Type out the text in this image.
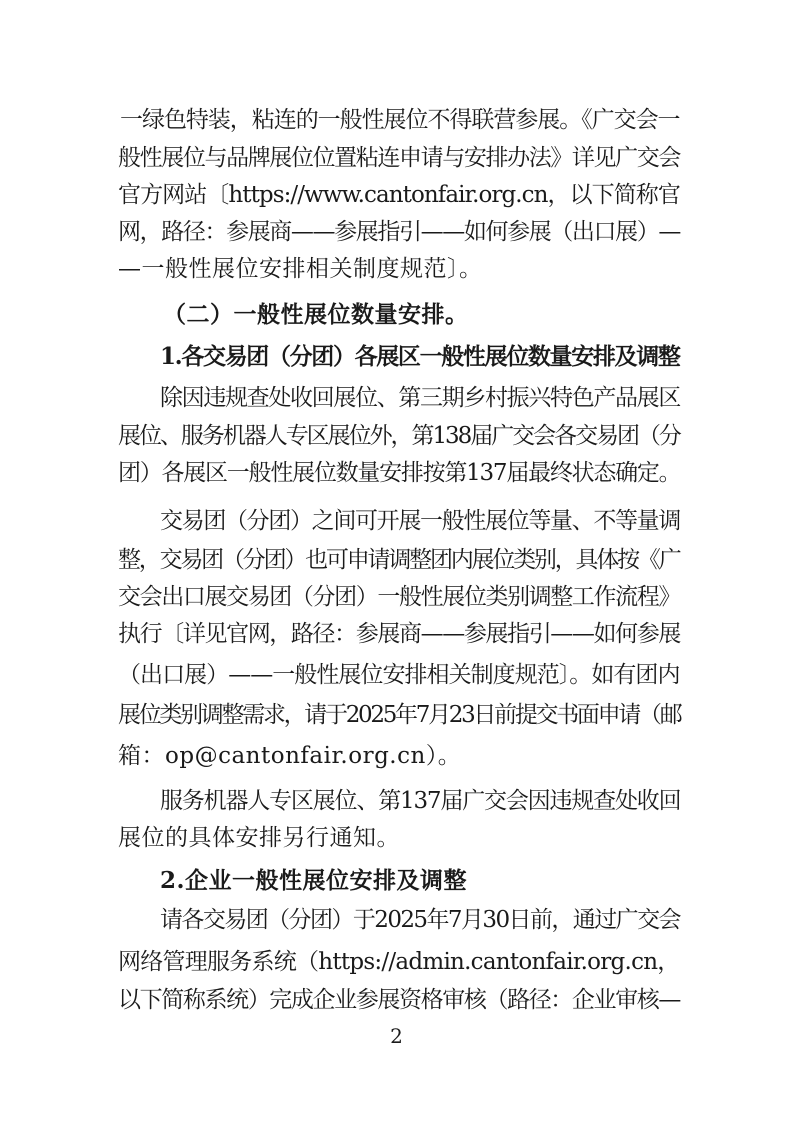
一绿色特装，粘连的一般性展位不得联营参展。《广交会一
般性展位与品牌展位位置粘连申请与安排办法》详见广交会
官方网站〔https://www.cantonfair.org.cn，以下简称官
网，路径：参展商——参展指引——如何参展（出口展）—
—一般性展位安排相关制度规范〕。
（二）一般性展位数量安排。
1.各交易团（分团）各展区一般性展位数量安排及调整
除因违规查处收回展位、第三期乡村振兴特色产品展区
展位、服务机器人专区展位外，第138届广交会各交易团（分
团）各展区一般性展位数量安排按第137届最终状态确定。
交易团（分团）之间可开展一般性展位等量、不等量调
整，交易团（分团）也可申请调整团内展位类别，具体按《广
交会出口展交易团（分团）一般性展位类别调整工作流程》
执行〔详见官网，路径：参展商——参展指引——如何参展
（出口展）——一般性展位安排相关制度规范〕。如有团内
展位类别调整需求，请于2025年7月23日前提交书面申请（邮
箱：op@cantonfair.org.cn）。
服务机器人专区展位、第137届广交会因违规查处收回
展位的具体安排另行通知。
2.企业一般性展位安排及调整
请各交易团（分团）于2025年7月30日前，通过广交会
网络管理服务系统（https://admin.cantonfair.org.cn，
以下简称系统）完成企业参展资格审核（路径：企业审核—
2
